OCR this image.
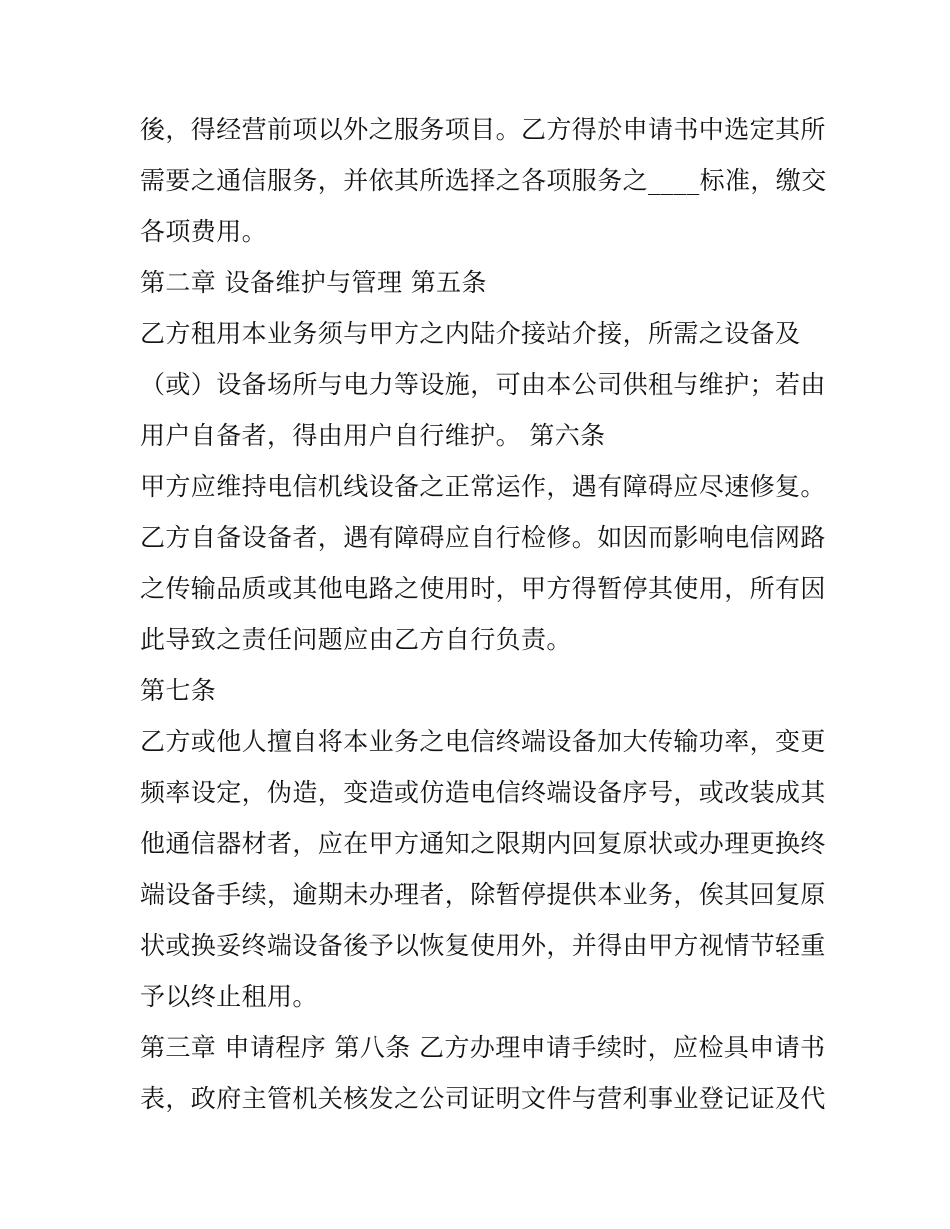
後，得经营前项以外之服务项目。乙方得於申请书中选定其所
需要之通信服务，并依其所选择之各项服务之____标准，缴交
各项费用。
第二章 设备维护与管理 第五条
乙方租用本业务须与甲方之内陆介接站介接，所需之设备及
（或）设备场所与电力等设施，可由本公司供租与维护；若由
用户自备者，得由用户自行维护。 第六条
甲方应维持电信机线设备之正常运作，遇有障碍应尽速修复。
乙方自备设备者，遇有障碍应自行检修。如因而影响电信网路
之传输品质或其他电路之使用时，甲方得暂停其使用，所有因
此导致之责任问题应由乙方自行负责。
第七条
乙方或他人擅自将本业务之电信终端设备加大传输功率，变更
频率设定，伪造，变造或仿造电信终端设备序号，或改装成其
他通信器材者，应在甲方通知之限期内回复原状或办理更换终
端设备手续，逾期未办理者，除暂停提供本业务，俟其回复原
状或换妥终端设备後予以恢复使用外，并得由甲方视情节轻重
予以终止租用。
第三章 申请程序 第八条 乙方办理申请手续时，应检具申请书
表，政府主管机关核发之公司证明文件与营利事业登记证及代
